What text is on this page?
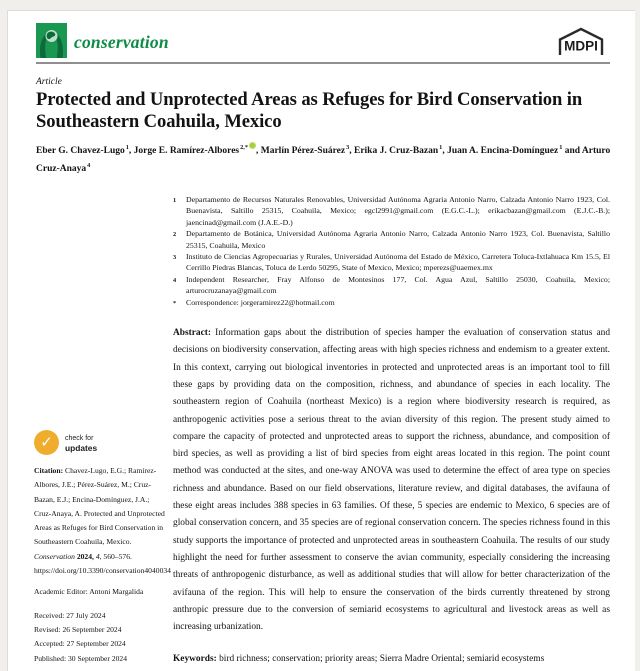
conservation	MDPI
Article
Protected and Unprotected Areas as Refuges for Bird Conservation in Southeastern Coahuila, Mexico
Eber G. Chavez-Lugo$^1$, Jorge E. Ramírez-Albores$^{2,*}$ , Marlín Pérez-Suárez$^3$, Erika J. Cruz-Bazan$^1$, Juan A. Encina-Domínguez$^1$ and Arturo Cruz-Anaya$^4$
1	Departamento de Recursos Naturales Renovables, Universidad Autónoma Agraria Antonio Narro, Calzada Antonio Narro 1923, Col. Buenavista, Saltillo 25315, Coahuila, Mexico; egcl2991@gmail.com (E.G.C.-L.); erikacbazan@gmail.com (E.J.C.-B.); jaencinad@gmail.com (J.A.E.-D.)
2	Departamento de Botánica, Universidad Autónoma Agraria Antonio Narro, Calzada Antonio Narro 1923, Col. Buenavista, Saltillo 25315, Coahuila, Mexico
3	Instituto de Ciencias Agropecuarias y Rurales, Universidad Autónoma del Estado de México, Carretera Toluca-Ixtlahuaca Km 15.5, El Cerrillo Piedras Blancas, Toluca de Lerdo 50295, State of Mexico, Mexico; mperezs@uaemex.mx
4	Independent Researcher, Fray Alfonso de Montesinos 177, Col. Agua Azul, Saltillo 25030, Coahuila, Mexico; arturocruzanaya@gmail.com
*	Correspondence: jorgeramirez22@hotmail.com

Abstract: Information gaps about the distribution of species hamper the evaluation of conservation status and decisions on biodiversity conservation, affecting areas with high species richness and endemism to a greater extent. In this context, carrying out biological inventories in protected and unprotected areas is an important tool to fill these gaps by providing data on the composition, richness, and abundance of species in each locality. The southeastern region of Coahuila (northeast Mexico) is a region where biodiversity research is required, as anthropogenic activities pose a serious threat to the avian diversity of this region. The present study aimed to compare the capacity of protected and unprotected areas to support the richness, abundance, and composition of bird species, as well as providing a list of bird species from eight areas located in this region. The point count method was conducted at the sites, and one-way ANOVA was used to determine the effect of area type on species richness and abundance. Based on our field observations, literature review, and digital databases, the avifauna of these eight areas includes 388 species in 63 families. Of these, 5 species are endemic to Mexico, 6 species are of global conservation concern, and 35 species are of regional conservation concern. The species richness found in this study supports the importance of protected and unprotected areas in southeastern Coahuila. The results of our study highlight the need for further assessment to conserve the avian community, especially considering the increasing threats of anthropogenic disturbance, as well as additional studies that will allow for better characterization of the avifauna of the region. This will help to ensure the conservation of the birds currently threatened by strong anthropic pressure due to the conversion of semiarid ecosystems to agricultural and livestock areas as well as increasing urbanization.

Keywords: bird richness; conservation; priority areas; Sierra Madre Oriental; semiarid ecosystems

✓	check for
updates

Citation: Chavez-Lugo, E.G.; Ramírez-Albores, J.E.; Pérez-Suárez, M.; Cruz-Bazan, E.J.; Encina-Domínguez, J.A.; Cruz-Anaya, A. Protected and Unprotected Areas as Refuges for Bird Conservation in Southeastern Coahuila, Mexico. Conservation 2024, 4, 560–576. https://doi.org/10.3390/conservation4040034

Academic Editor: Antoni Margalida

Received: 27 July 2024
Revised: 26 September 2024
Accepted: 27 September 2024
Published: 30 September 2024
